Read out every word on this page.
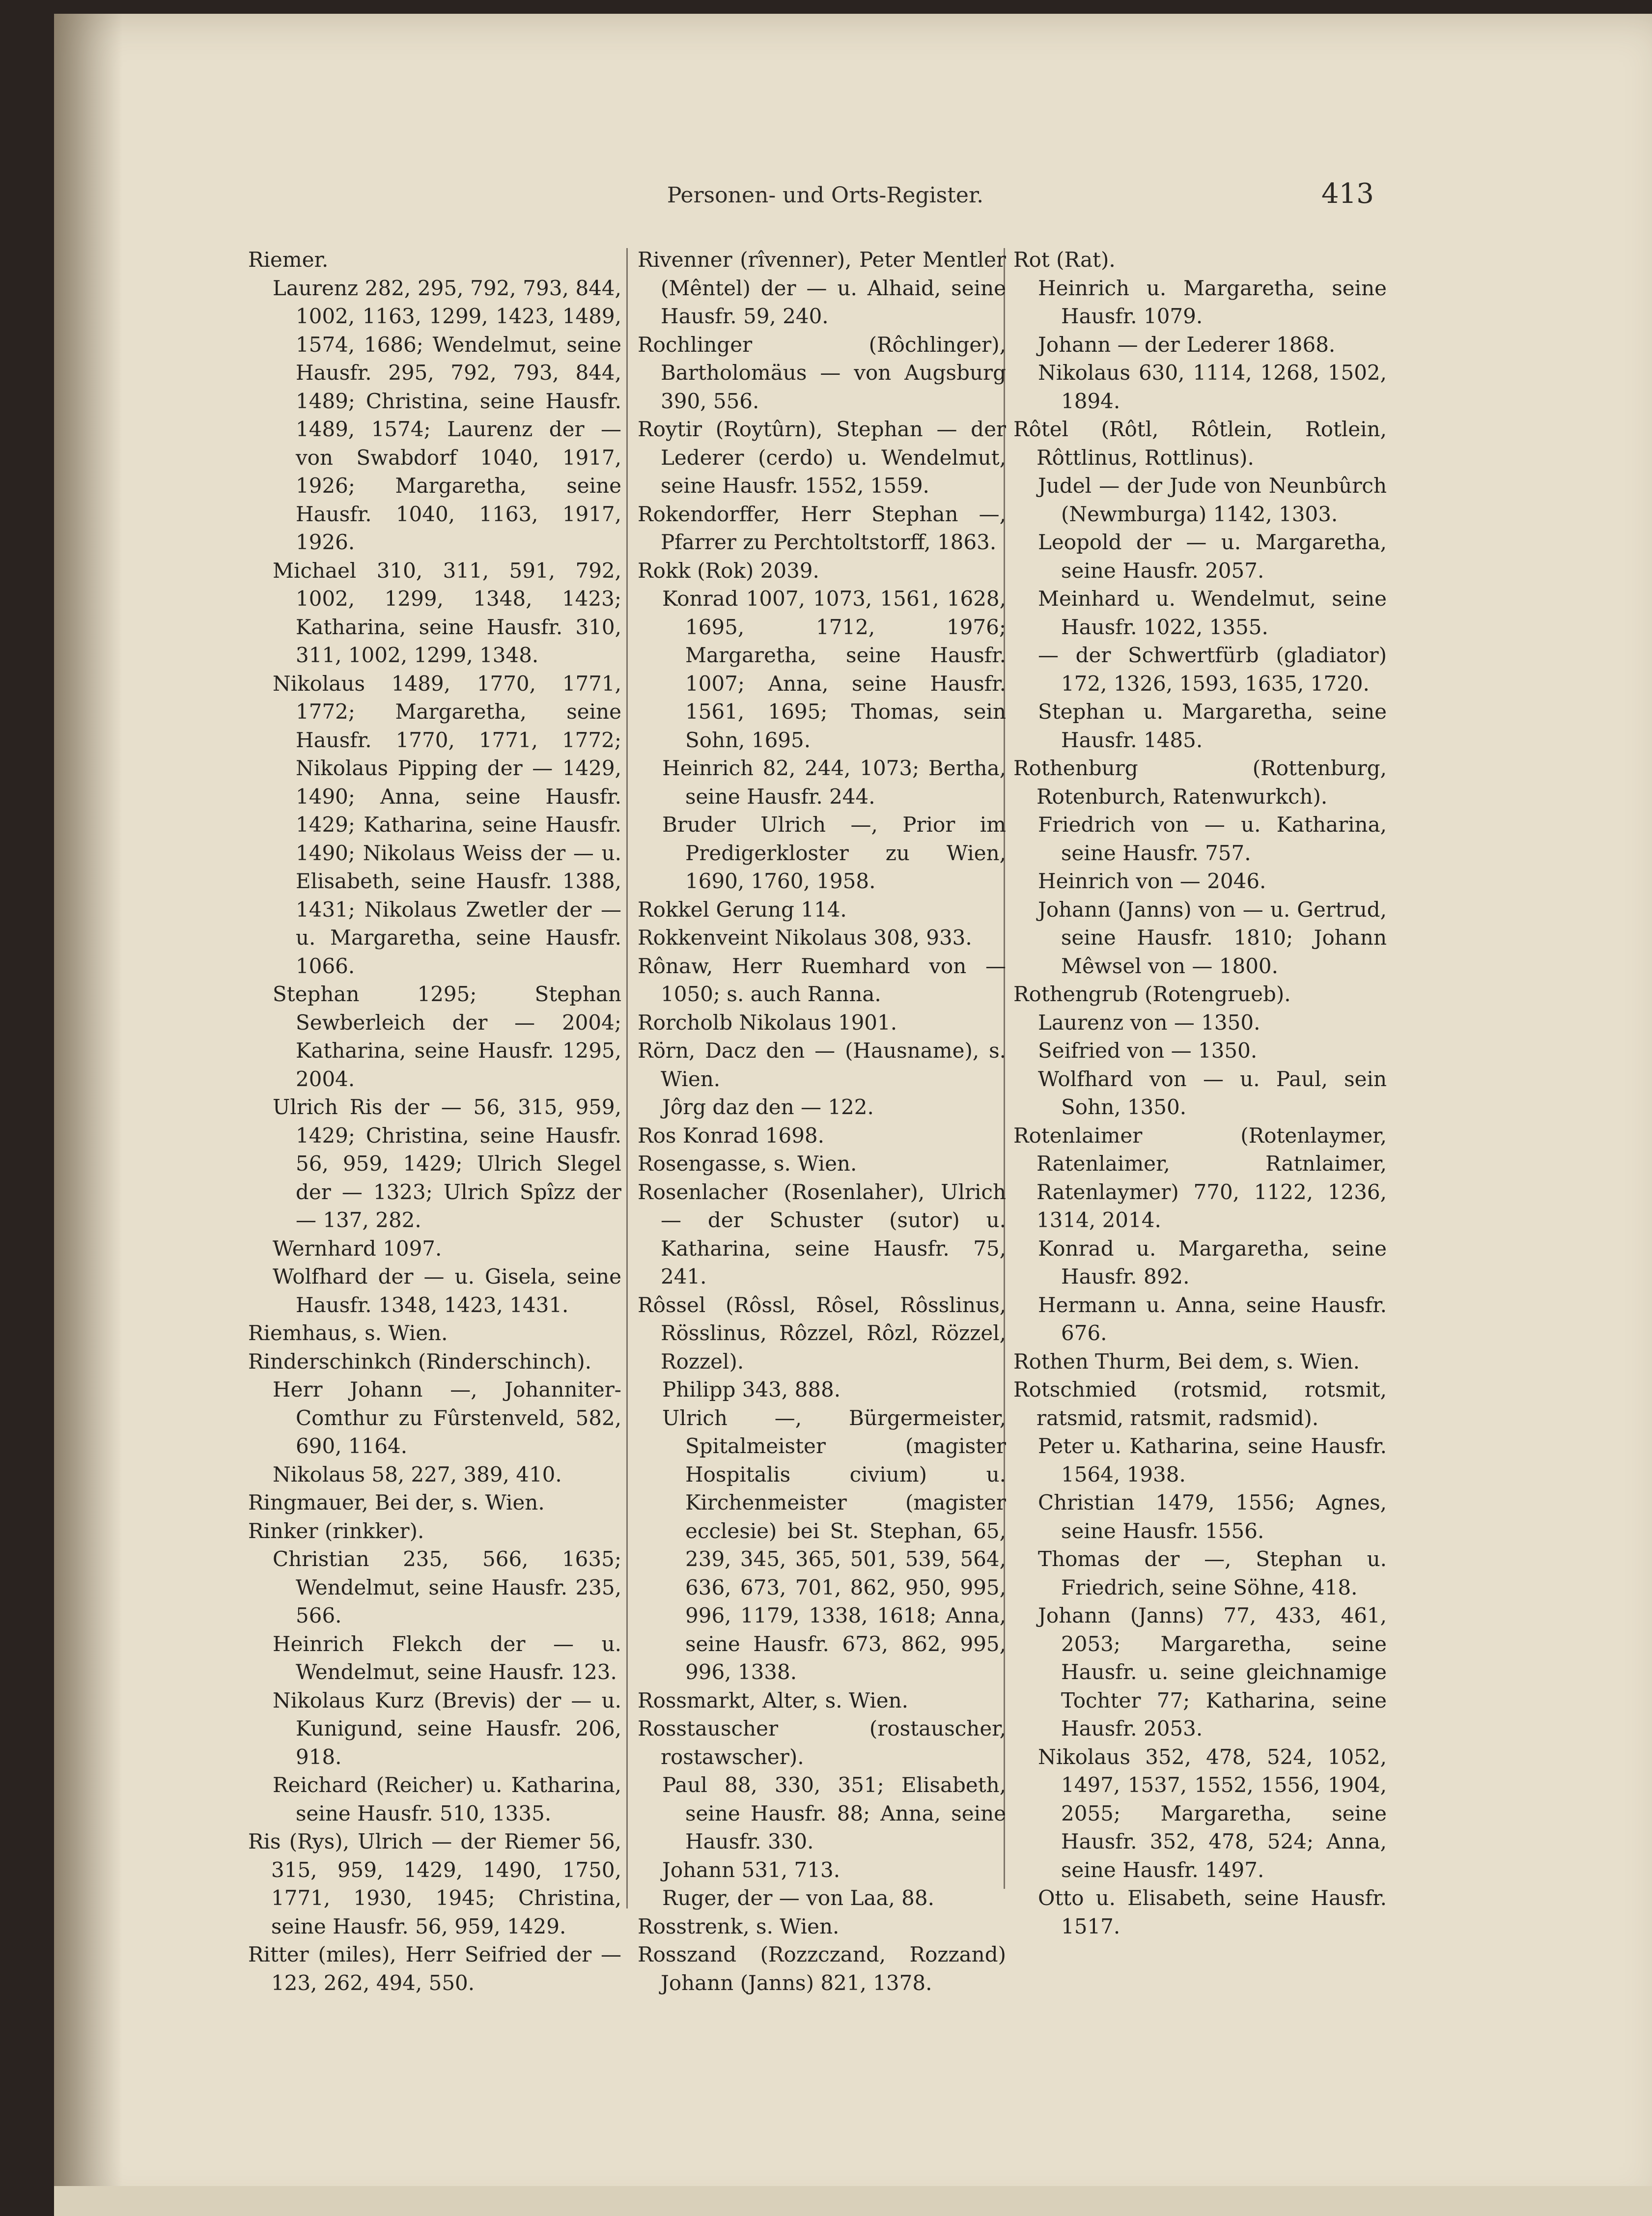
Personen- und Orts-Register.	413

Riemer.

Laurenz 282, 295, 792, 793, 844, 1002, 1163, 1299, 1423, 1489, 1574, 1686; Wendelmut, seine Hausfr. 295, 792, 793, 844, 1489; Christina, seine Hausfr. 1489, 1574; Laurenz der — von Swabdorf 1040, 1917, 1926; Margaretha, seine Hausfr. 1040, 1163, 1917, 1926.

Michael 310, 311, 591, 792, 1002, 1299, 1348, 1423; Katharina, seine Hausfr. 310, 311, 1002, 1299, 1348.

Nikolaus 1489, 1770, 1771, 1772; Margaretha, seine Hausfr. 1770, 1771, 1772; Nikolaus Pipping der — 1429, 1490; Anna, seine Hausfr. 1429; Katharina, seine Hausfr. 1490; Nikolaus Weiss der — u. Elisabeth, seine Hausfr. 1388, 1431; Nikolaus Zwetler der — u. Margaretha, seine Hausfr. 1066.

Stephan 1295; Stephan Sewberleich der — 2004; Katharina, seine Hausfr. 1295, 2004.

Ulrich Ris der — 56, 315, 959, 1429; Christina, seine Hausfr. 56, 959, 1429; Ulrich Slegel der — 1323; Ulrich Spîzz der — 137, 282.

Wernhard 1097.

Wolfhard der — u. Gisela, seine Hausfr. 1348, 1423, 1431.

Riemhaus, s. Wien.

Rinderschinkch (Rinderschinch).

Herr Johann —, Johanniter-Comthur zu Fûrstenveld, 582, 690, 1164.

Nikolaus 58, 227, 389, 410.

Ringmauer, Bei der, s. Wien.

Rinker (rinkker).

Christian 235, 566, 1635; Wendelmut, seine Hausfr. 235, 566.

Heinrich Flekch der — u. Wendelmut, seine Hausfr. 123.

Nikolaus Kurz (Brevis) der — u. Kunigund, seine Hausfr. 206, 918.

Reichard (Reicher) u. Katharina, seine Hausfr. 510, 1335.

Ris (Rys), Ulrich — der Riemer 56, 315, 959, 1429, 1490, 1750, 1771, 1930, 1945; Christina, seine Hausfr. 56, 959, 1429.

Ritter (miles), Herr Seifried der — 123, 262, 494, 550.

Rivenner (rîvenner), Peter Mentler (Mêntel) der — u. Alhaid, seine Hausfr. 59, 240.

Rochlinger (Rôchlinger), Bartholomäus — von Augsburg 390, 556.

Roytir (Roytûrn), Stephan — der Lederer (cerdo) u. Wendelmut, seine Hausfr. 1552, 1559.

Rokendorffer, Herr Stephan —, Pfarrer zu Perchtoltstorff, 1863.

Rokk (Rok) 2039.

Konrad 1007, 1073, 1561, 1628, 1695, 1712, 1976; Margaretha, seine Hausfr. 1007; Anna, seine Hausfr. 1561, 1695; Thomas, sein Sohn, 1695.

Heinrich 82, 244, 1073; Bertha, seine Hausfr. 244.

Bruder Ulrich —, Prior im Predigerkloster zu Wien, 1690, 1760, 1958.

Rokkel Gerung 114.

Rokkenveint Nikolaus 308, 933.

Rônaw, Herr Ruemhard von — 1050; s. auch Ranna.

Rorcholb Nikolaus 1901.

Rörn, Dacz den — (Hausname), s. Wien.

Jôrg daz den — 122.

Ros Konrad 1698.

Rosengasse, s. Wien.

Rosenlacher (Rosenlaher), Ulrich — der Schuster (sutor) u. Katharina, seine Hausfr. 75, 241.

Rôssel (Rôssl, Rôsel, Rôsslinus, Rösslinus, Rôzzel, Rôzl, Rözzel, Rozzel).

Philipp 343, 888.

Ulrich —, Bürgermeister, Spitalmeister (magister Hospitalis civium) u. Kirchenmeister (magister ecclesie) bei St. Stephan, 65, 239, 345, 365, 501, 539, 564, 636, 673, 701, 862, 950, 995, 996, 1179, 1338, 1618; Anna, seine Hausfr. 673, 862, 995, 996, 1338.

Rossmarkt, Alter, s. Wien.

Rosstauscher (rostauscher, rostawscher).

Paul 88, 330, 351; Elisabeth, seine Hausfr. 88; Anna, seine Hausfr. 330.

Johann 531, 713.

Ruger, der — von Laa, 88.

Rosstrenk, s. Wien.

Rosszand (Rozzczand, Rozzand) Johann (Janns) 821, 1378.

Rot (Rat).

Heinrich u. Margaretha, seine Hausfr. 1079.

Johann — der Lederer 1868.

Nikolaus 630, 1114, 1268, 1502, 1894.

Rôtel (Rôtl, Rôtlein, Rotlein, Rôttlinus, Rottlinus).

Judel — der Jude von Neunbûrch (Newmburga) 1142, 1303.

Leopold der — u. Margaretha, seine Hausfr. 2057.

Meinhard u. Wendelmut, seine Hausfr. 1022, 1355.

— der Schwertfürb (gladiator) 172, 1326, 1593, 1635, 1720.

Stephan u. Margaretha, seine Hausfr. 1485.

Rothenburg (Rottenburg, Rotenburch, Ratenwurkch).

Friedrich von — u. Katharina, seine Hausfr. 757.

Heinrich von — 2046.

Johann (Janns) von — u. Gertrud, seine Hausfr. 1810; Johann Mêwsel von — 1800.

Rothengrub (Rotengrueb).

Laurenz von — 1350.

Seifried von — 1350.

Wolfhard von — u. Paul, sein Sohn, 1350.

Rotenlaimer (Rotenlaymer, Ratenlaimer, Ratnlaimer, Ratenlaymer) 770, 1122, 1236, 1314, 2014.

Konrad u. Margaretha, seine Hausfr. 892.

Hermann u. Anna, seine Hausfr. 676.

Rothen Thurm, Bei dem, s. Wien.

Rotschmied (rotsmid, rotsmit, ratsmid, ratsmit, radsmid).

Peter u. Katharina, seine Hausfr. 1564, 1938.

Christian 1479, 1556; Agnes, seine Hausfr. 1556.

Thomas der —, Stephan u. Friedrich, seine Söhne, 418.

Johann (Janns) 77, 433, 461, 2053; Margaretha, seine Hausfr. u. seine gleichnamige Tochter 77; Katharina, seine Hausfr. 2053.

Nikolaus 352, 478, 524, 1052, 1497, 1537, 1552, 1556, 1904, 2055; Margaretha, seine Hausfr. 352, 478, 524; Anna, seine Hausfr. 1497.

Otto u. Elisabeth, seine Hausfr. 1517.
